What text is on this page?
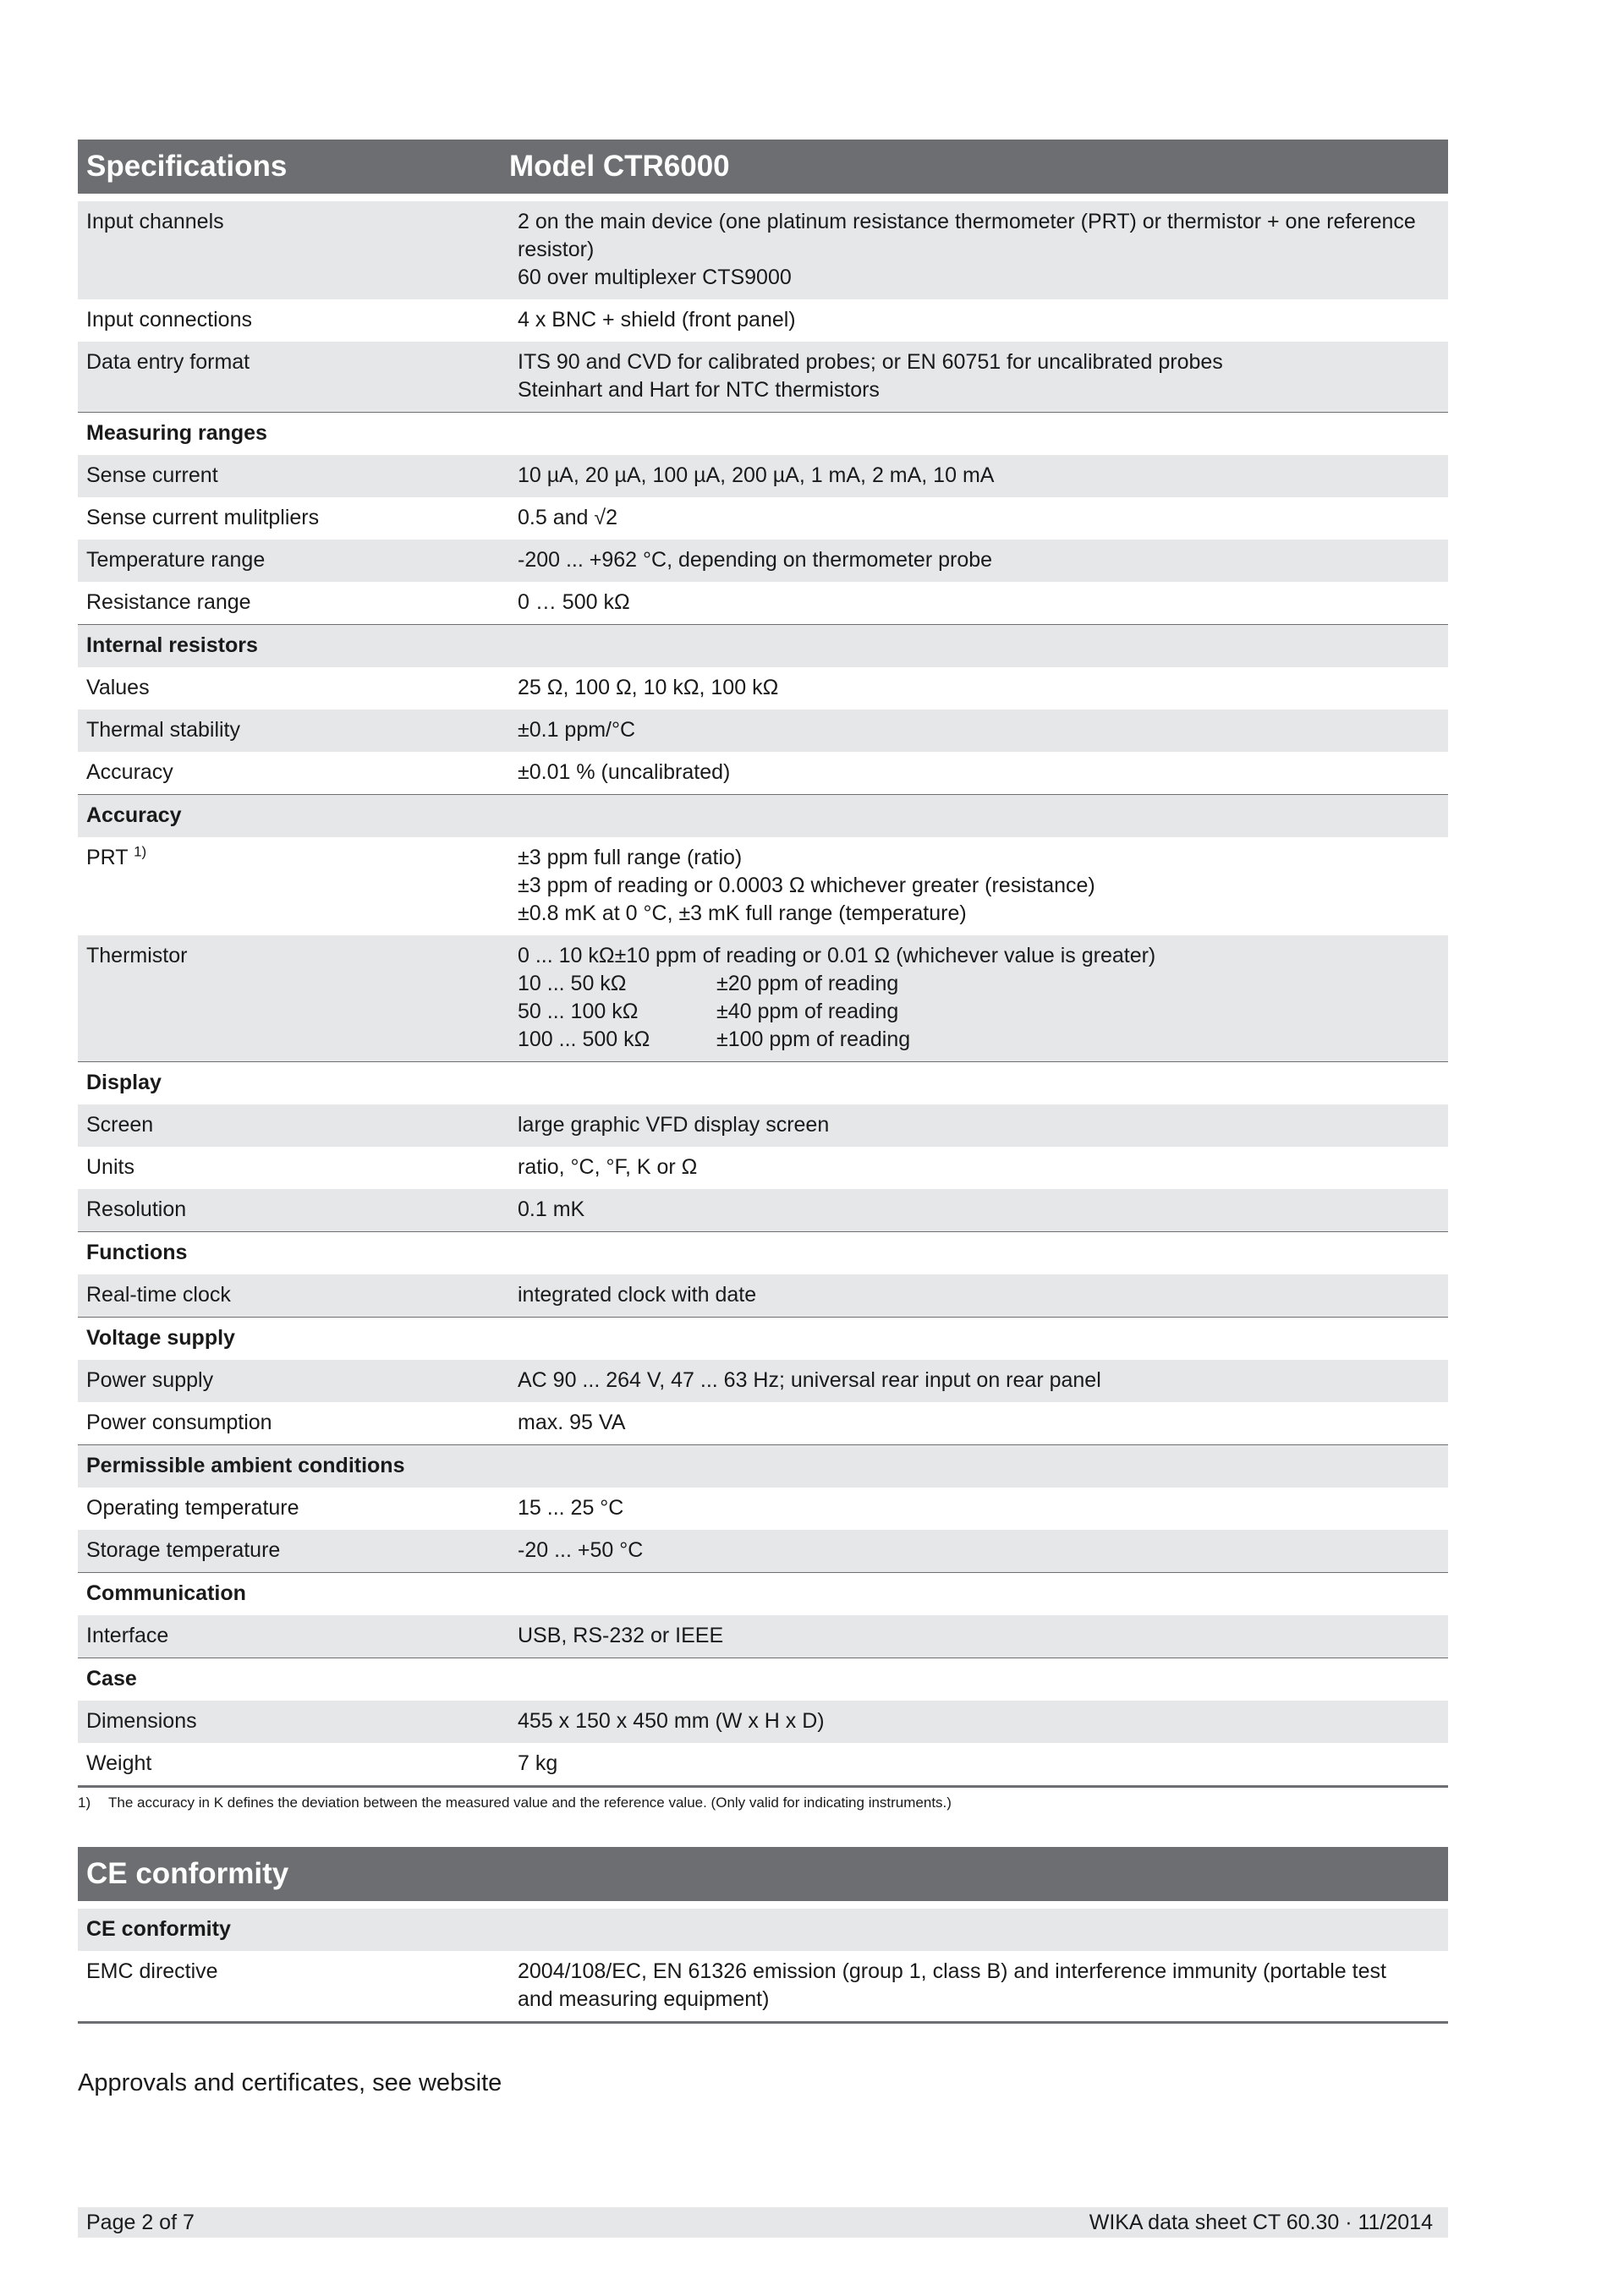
Specifications	Model CTR6000
Input channels	2 on the main device (one platinum resistance thermometer (PRT) or thermistor + one reference resistor)
60 over multiplexer CTS9000

Input connections	4 x BNC + shield (front panel)
Data entry format	ITS 90 and CVD for calibrated probes; or EN 60751 for uncalibrated probes
Steinhart and Hart for NTC thermistors

Measuring ranges	
Sense current	10 µA, 20 µA, 100 µA, 200 µA, 1 mA, 2 mA, 10 mA
Sense current mulitpliers	0.5 and √2
Temperature range	-200 ... +962 °C, depending on thermometer probe
Resistance range	0 … 500 kΩ
Internal resistors	
Values	25 Ω, 100 Ω, 10 kΩ, 100 kΩ
Thermal stability	±0.1 ppm/°C
Accuracy	±0.01 % (uncalibrated)
Accuracy	
PRT $^{1)}$	±3 ppm full range (ratio)
±3 ppm of reading or 0.0003 Ω whichever greater (resistance)
±0.8 mK at 0 °C, ±3 mK full range (temperature)

Thermistor	0 ... 10 kΩ±10 ppm of reading or 0.01 Ω (whichever value is greater)
10 ... 50 kΩ ±20 ppm of reading
50 ... 100 kΩ ±40 ppm of reading
100 ... 500 kΩ ±100 ppm of reading

Display	
Screen	large graphic VFD display screen
Units	ratio, °C, °F, K or Ω
Resolution	0.1 mK
Functions	
Real-time clock	integrated clock with date
Voltage supply	
Power supply	AC 90 ... 264 V, 47 ... 63 Hz; universal rear input on rear panel
Power consumption	max. 95 VA
Permissible ambient conditions	
Operating temperature	15 ... 25 °C
Storage temperature	-20 ... +50 °C
Communication	
Interface	USB, RS-232 or IEEE
Case	
Dimensions	455 x 150 x 450 mm (W x H x D)
Weight	7 kg
1) The accuracy in K defines the deviation between the measured value and the reference value. (Only valid for indicating instruments.)
CE conformity
CE conformity	
EMC directive	2004/108/EC, EN 61326 emission (group 1, class B) and interference immunity (portable test
and measuring equipment)
Approvals and certificates, see website
Page 2 of 7	WIKA data sheet CT 60.30 · 11/2014
